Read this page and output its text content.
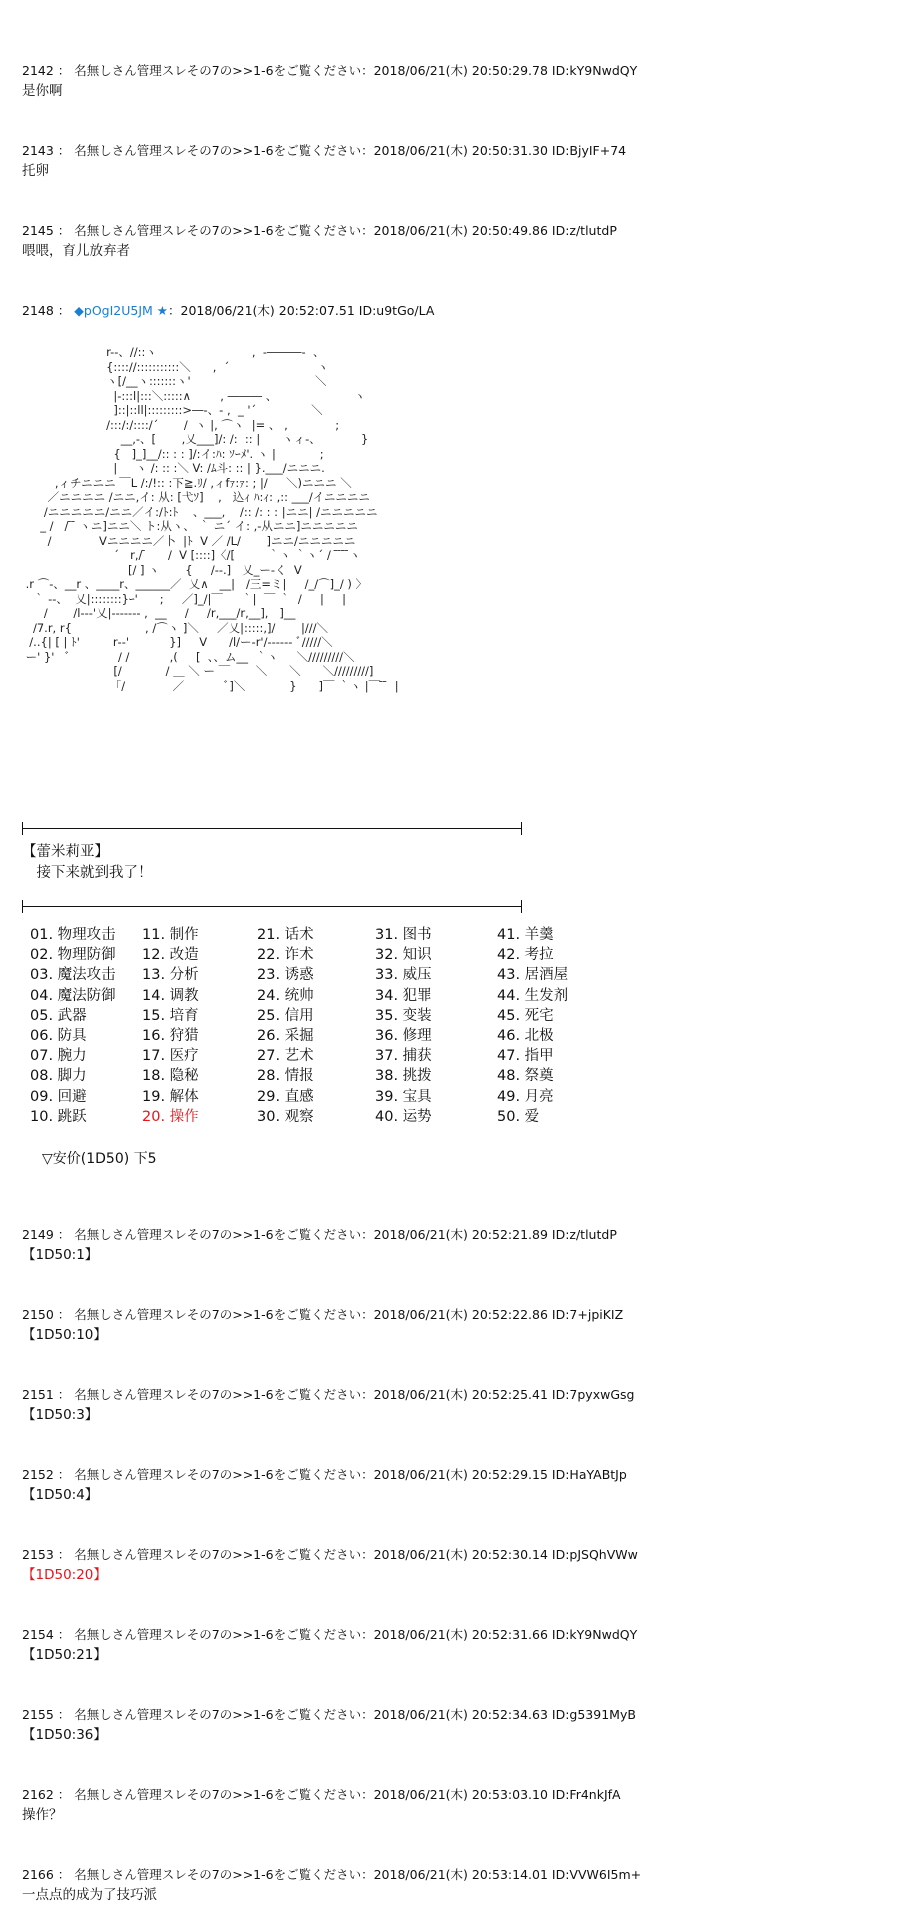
2142 ： 名無しさん管理スレその7の>>1-6をご覧ください：2018/06/21(木) 20:50:29.78 ID:kY9NwdQY
是你啊
2143 ： 名無しさん管理スレその7の>>1-6をご覧ください：2018/06/21(木) 20:50:31.30 ID:BjyIF+74
托卵
2145 ： 名無しさん管理スレその7の>>1-6をご覧ください：2018/06/21(木) 20:50:49.86 ID:z/tlutdP
喂喂，育儿放弃者
2148 ： ◆pOgI2U5JM ★：2018/06/21(木) 20:52:07.51 ID:u9tGo/LA
r--、//::ヽ                          ,  -―――-  、
{:::://:::::::::::＼      ,  ´                        ヽ
ヽ[/__ヽ:::::::ヽ'                                  ＼
|-:::l|:::＼:::::∧        , ――― 、                     ヽ
]::|::ll|:::::::::>―-、- ,  _ '´               ＼
/:::/:/::::/´       /  ヽ |, ⌒ヽ  |= 、 ,             ;
__,-、[       ,乂___]/: /:  :: |      ヽィ-、           }
{   ]_]__/:: : : ]/:イ:ﾊ: ｿｰﾒ'. ヽ |            ;
|     ヽ /: :: :＼ V: /ﾑ斗: :: | }.___/ニニニ.
,ィチニニニ ￣L /:/!:: :下≧.ﾘ/ ,ィfｧ:ｧ: ; |/     ＼)ニニニ ＼
／ニニニニ /ニニ,イ: 从: [弋ｿ]    ,   込ｨ ﾊ:ｨ: ,:: ___/イニニニニ
/ニニニニニ/ニニ／イ:/ﾄ:ﾄ    、___,    /:: /: : : |ニニ| /ニニニニニ
_ /   / ̄ ̄ ヽニ]ニニ＼ ト:从ヽ、 ｀ ニ´ イ: ,-从ニニ]ニニニニニ
/             Vニニニニ／卜  |ﾄ  V ／ /L/       ]ニニ/ニニニニニ
´   r,/ ̄      /  V [::::]〈/[         ｀ヽ ｀ヽ´ /  ̄ ̄ ̄ ̄ヽ
[/ ] ヽ       {     /--.]   乂_ー-く  V
.r ⌒-、__r 、____r、______／  乂∧   __|   /三=ミ|     /_/⌒]_/ ) 〉
｀ ‐-、  乂|::::::::}ｰ'      ;     ／]_/|￣     ｀|  ￣ ｀  /     |     |
/       /l‐‐‐'乂|‐‐‐‐‐‐‐ ,  __     /     /r,___/r,__],   ]__
/7.r, r{                    , /⌒ヽ ]＼     ／乂|:::::,]/       |///＼
/..{| [ | ﾄ'         r‐‐'           }]     V      /l/ー-r'/‐‐‐‐‐‐ ﾞ/////＼
ー' }'   ﾞ             / /           ,(     [  、、ム__  ｀ヽ     ＼/////////＼
[/            / ＿ ＼ ー ￣       ＼      ＼      ＼/////////]
「/             ／           ﾞ]＼            }      ]￣ ｀ヽ |￣ ̄ ̄  |
【蕾米莉亚】
　接下来就到我了！
01. 物理攻击	11. 制作	21. 话术	31. 图书	41. 羊羹
02. 物理防御	12. 改造	22. 诈术	32. 知识	42. 考拉
03. 魔法攻击	13. 分析	23. 诱惑	33. 威压	43. 居酒屋
04. 魔法防御	14. 调教	24. 统帅	34. 犯罪	44. 生发剂
05. 武器	15. 培育	25. 信用	35. 变装	45. 死宅
06. 防具	16. 狩猎	26. 采掘	36. 修理	46. 北极
07. 腕力	17. 医疗	27. 艺术	37. 捕获	47. 指甲
08. 脚力	18. 隐秘	28. 情报	38. 挑拨	48. 祭奠
09. 回避	19. 解体	29. 直感	39. 宝具	49. 月亮
10. 跳跃	20. 操作	30. 观察	40. 运势	50. 爱
▽安价(1D50) 下5
2149 ： 名無しさん管理スレその7の>>1-6をご覧ください：2018/06/21(木) 20:52:21.89 ID:z/tlutdP
【1D50:1】
2150 ： 名無しさん管理スレその7の>>1-6をご覧ください：2018/06/21(木) 20:52:22.86 ID:7+jpiKIZ
【1D50:10】
2151 ： 名無しさん管理スレその7の>>1-6をご覧ください：2018/06/21(木) 20:52:25.41 ID:7pyxwGsg
【1D50:3】
2152 ： 名無しさん管理スレその7の>>1-6をご覧ください：2018/06/21(木) 20:52:29.15 ID:HaYABtJp
【1D50:4】
2153 ： 名無しさん管理スレその7の>>1-6をご覧ください：2018/06/21(木) 20:52:30.14 ID:pJSQhVWw
【1D50:20】
2154 ： 名無しさん管理スレその7の>>1-6をご覧ください：2018/06/21(木) 20:52:31.66 ID:kY9NwdQY
【1D50:21】
2155 ： 名無しさん管理スレその7の>>1-6をご覧ください：2018/06/21(木) 20:52:34.63 ID:g5391MyB
【1D50:36】
2162 ： 名無しさん管理スレその7の>>1-6をご覧ください：2018/06/21(木) 20:53:03.10 ID:Fr4nkJfA
操作？
2166 ： 名無しさん管理スレその7の>>1-6をご覧ください：2018/06/21(木) 20:53:14.01 ID:VVW6I5m+
一点点的成为了技巧派
